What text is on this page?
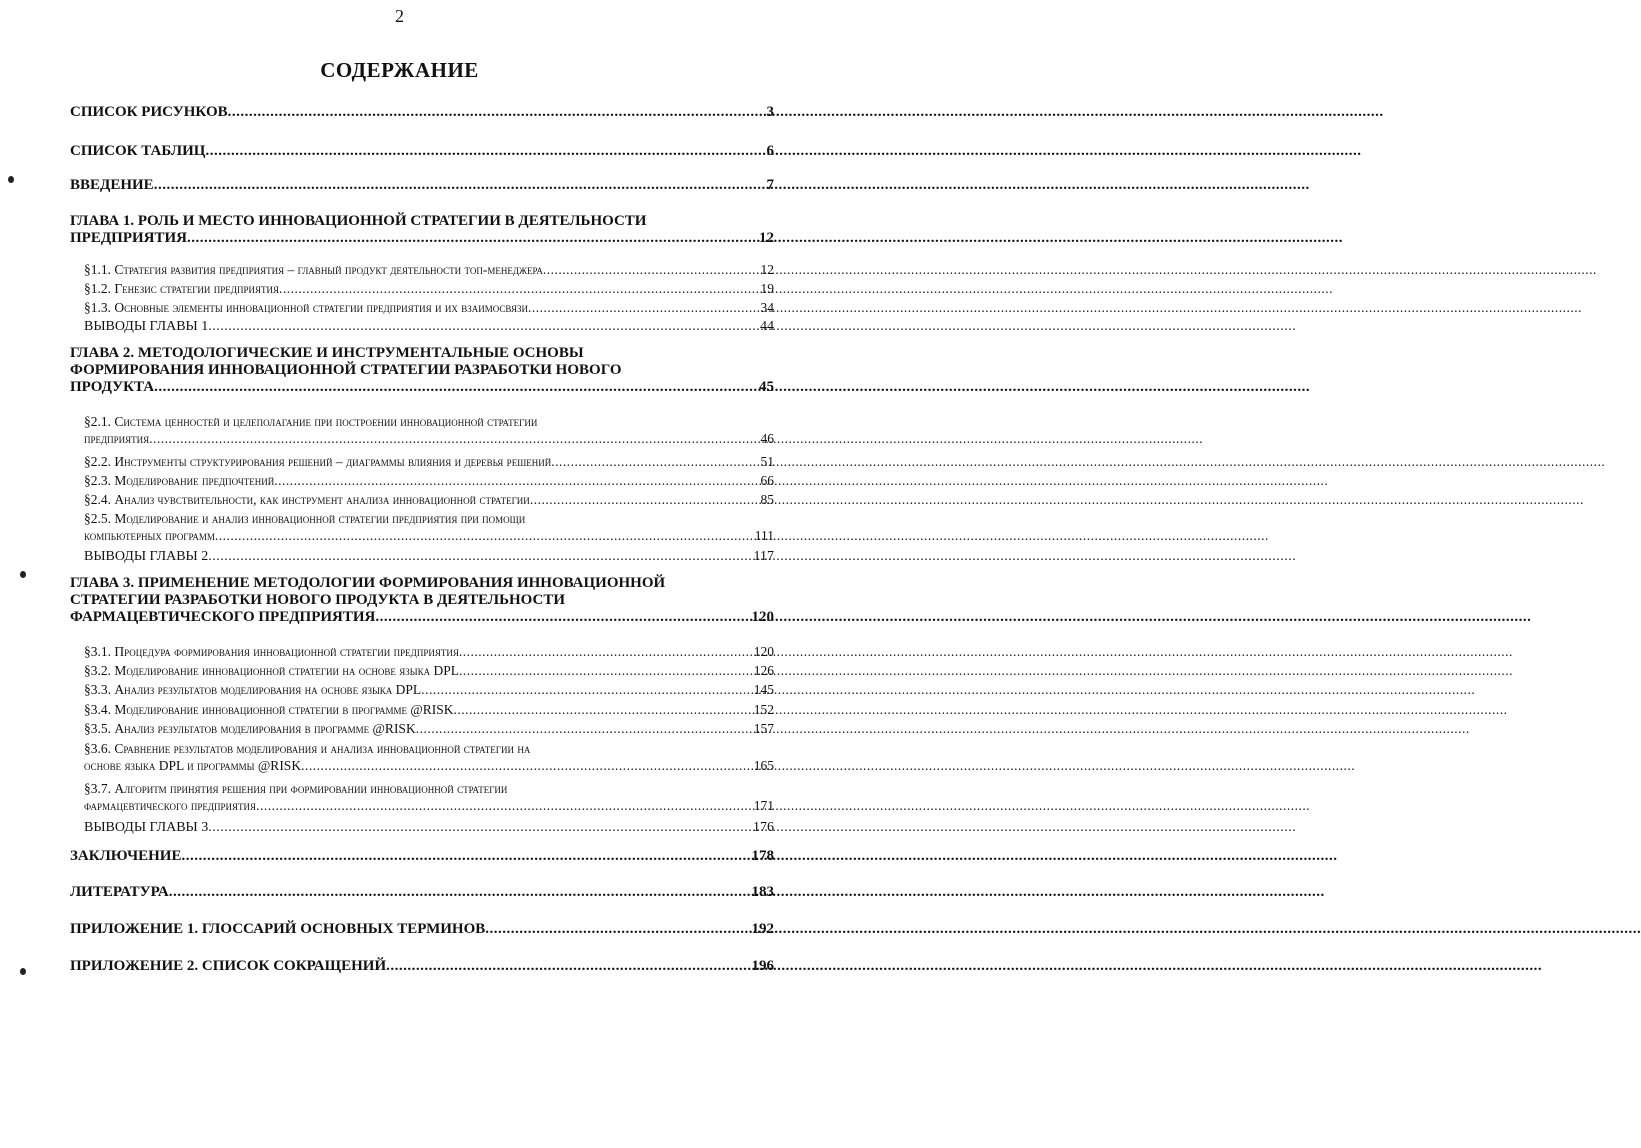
2
СОДЕРЖАНИЕ
СПИСОК РИСУНКОВ .....	3
СПИСОК ТАБЛИЦ .....	6
ВВЕДЕНИЕ .....	7
ГЛАВА 1. РОЛЬ И МЕСТО ИННОВАЦИОННОЙ СТРАТЕГИИ В ДЕЯТЕЛЬНОСТИ
ПРЕДПРИЯТИЯ .....	12
§1.1. Стратегия развития предприятия – главный продукт деятельности топ-менеджера .....	12
§1.2. Генезис стратегии предприятия .....	19
§1.3. Основные элементы инновационной стратегии предприятия и их взаимосвязи .....	34
ВЫВОДЫ ГЛАВЫ 1 .....	44
ГЛАВА 2. МЕТОДОЛОГИЧЕСКИЕ И ИНСТРУМЕНТАЛЬНЫЕ ОСНОВЫ
ФОРМИРОВАНИЯ ИННОВАЦИОННОЙ СТРАТЕГИИ РАЗРАБОТКИ НОВОГО
ПРОДУКТА .....	45
§2.1. Система ценностей и целеполагание при построении инновационной стратегии
предприятия .....	46
§2.2. Инструменты структурирования решений – диаграммы влияния и деревья решений .....	51
§2.3. Моделирование предпочтений .....	66
§2.4. Анализ чувствительности, как инструмент анализа инновационной стратегии .....	85
§2.5. Моделирование и анализ инновационной стратегии предприятия при помощи
компьютерных программ .....	111
ВЫВОДЫ ГЛАВЫ 2 .....	117
ГЛАВА 3. ПРИМЕНЕНИЕ МЕТОДОЛОГИИ ФОРМИРОВАНИЯ ИННОВАЦИОННОЙ
СТРАТЕГИИ РАЗРАБОТКИ НОВОГО ПРОДУКТА В ДЕЯТЕЛЬНОСТИ
ФАРМАЦЕВТИЧЕСКОГО ПРЕДПРИЯТИЯ .....	120
§3.1. Процедура формирования инновационной стратегии предприятия .....	120
§3.2. Моделирование инновационной стратегии на основе языка DPL .....	126
§3.3. Анализ результатов моделирования на основе языка DPL .....	145
§3.4. Моделирование инновационной стратегии в программе @RISK .....	152
§3.5. Анализ результатов моделирования в программе @RISK .....	157
§3.6. Сравнение результатов моделирования и анализа инновационной стратегии на
основе языка DPL и программы @RISK .....	165
§3.7. Алгоритм принятия решения при формировании инновационной стратегии
фармацевтического предприятия .....	171
ВЫВОДЫ ГЛАВЫ 3 .....	176
ЗАКЛЮЧЕНИЕ .....	178
ЛИТЕРАТУРА .....	183
ПРИЛОЖЕНИЕ 1. ГЛОССАРИЙ ОСНОВНЫХ ТЕРМИНОВ .....	192
ПРИЛОЖЕНИЕ 2. СПИСОК СОКРАЩЕНИЙ .....	196
